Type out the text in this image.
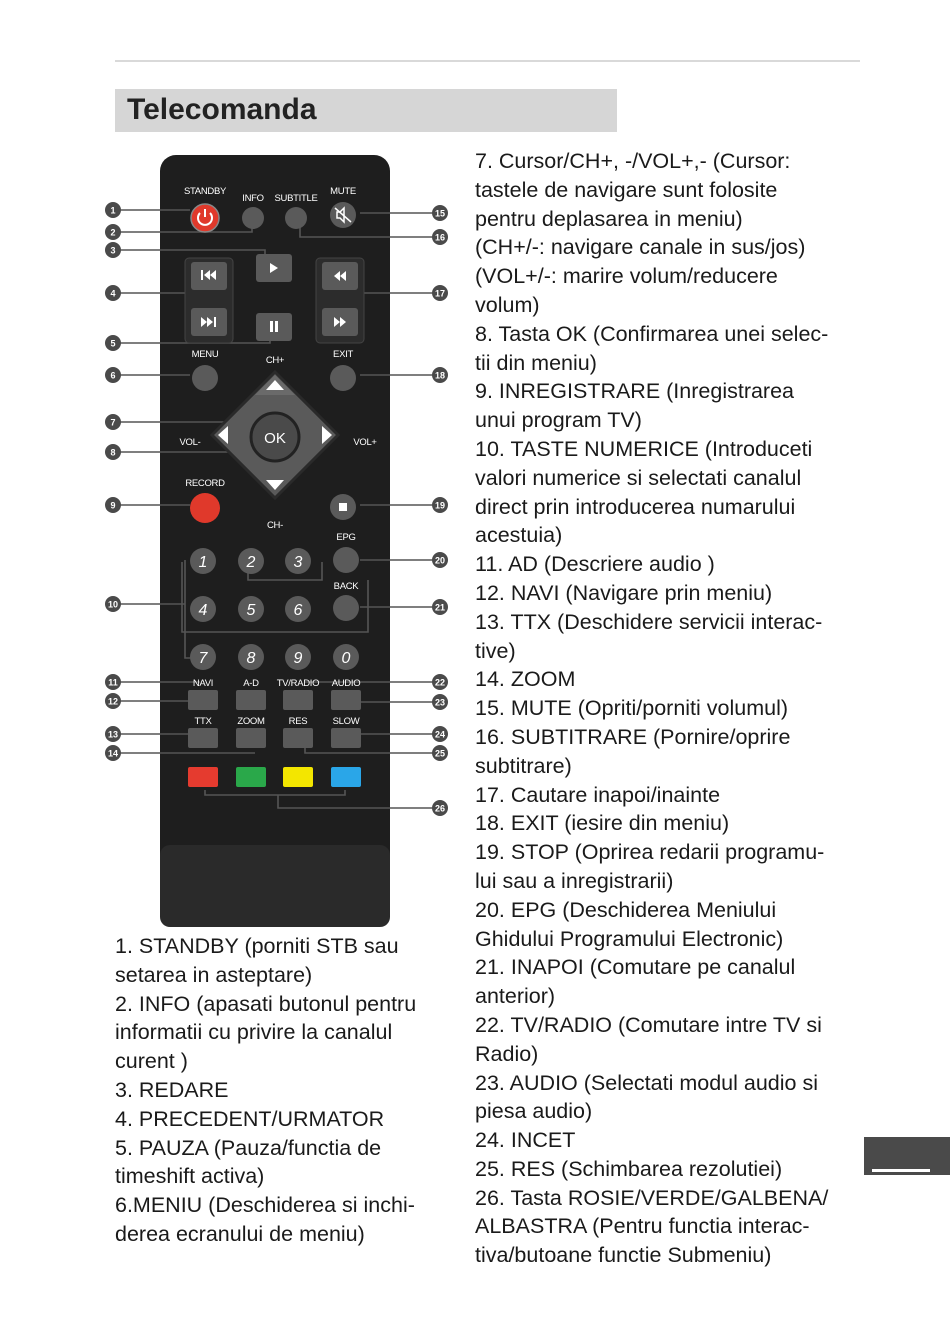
Telecomanda
1
2
3
4
5
6
7
8
9
10
11
12
13
14
15
16
17
18
19
20
21
22
23
24
25
26
STANDBY
INFO SUBTITLE
MUTE
MENU	EXIT
CH+
OK
VOL-	VOL+
CH-
RECORD
1 2 3
4 5 6
7 8 9 0
EPG
BACK
NAVI	A-D TV/RADIO AUDIO
TTX	ZOOM	RES	SLOW
1. STANDBY (porniti STB sau
setarea in asteptare)
2. INFO (apasati butonul pentru
informatii cu privire la canalul
curent )
3. REDARE
4. PRECEDENT/URMATOR
5. PAUZA (Pauza/functia de
timeshift activa)
6.MENIU (Deschiderea si inchi-
derea ecranului de meniu)
7. Cursor/CH+, -/VOL+,- (Cursor:
tastele de navigare sunt folosite
pentru deplasarea in meniu)
(CH+/-: navigare canale in sus/jos)
(VOL+/-: marire volum/reducere
volum)
8. Tasta OK (Confirmarea unei selec-
tii din meniu)
9. INREGISTRARE (Inregistrarea
unui program TV)
10. TASTE NUMERICE (Introduceti
valori numerice si selectati canalul
direct prin introducerea numarului
acestuia)
11. AD (Descriere audio )
12. NAVI (Navigare prin meniu)
13. TTX (Deschidere servicii interac-
tive)
14. ZOOM
15. MUTE (Opriti/porniti volumul)
16. SUBTITRARE (Pornire/oprire
subtitrare)
17. Cautare inapoi/inainte
18. EXIT (iesire din meniu)
19. STOP (Oprirea redarii programu-
lui sau a inregistrarii)
20. EPG (Deschiderea Meniului
Ghidului Programului Electronic)
21. INAPOI (Comutare pe canalul
anterior)
22. TV/RADIO (Comutare intre TV si
Radio)
23. AUDIO (Selectati modul audio si
piesa audio)
24. INCET
25. RES (Schimbarea rezolutiei)
26. Tasta ROSIE/VERDE/GALBENA/
ALBASTRA (Pentru functia interac-
tiva/butoane functie Submeniu)
